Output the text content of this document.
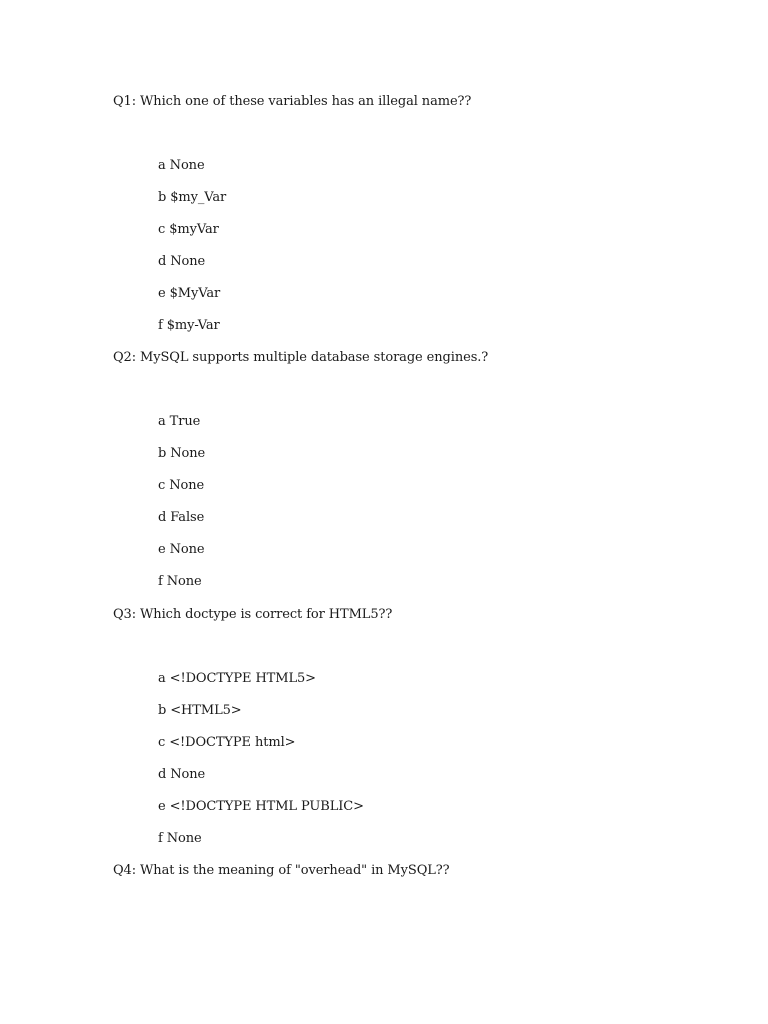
Q1: Which one of these variables has an illegal name??
a None
b $my_Var
c $myVar
d None
e $MyVar
f $my-Var
Q2: MySQL supports multiple database storage engines.?
a True
b None
c None
d False
e None
f None
Q3: Which doctype is correct for HTML5??
a <!DOCTYPE HTML5>
b <HTML5>
c <!DOCTYPE html>
d None
e <!DOCTYPE HTML PUBLIC>
f None
Q4: What is the meaning of "overhead" in MySQL??
